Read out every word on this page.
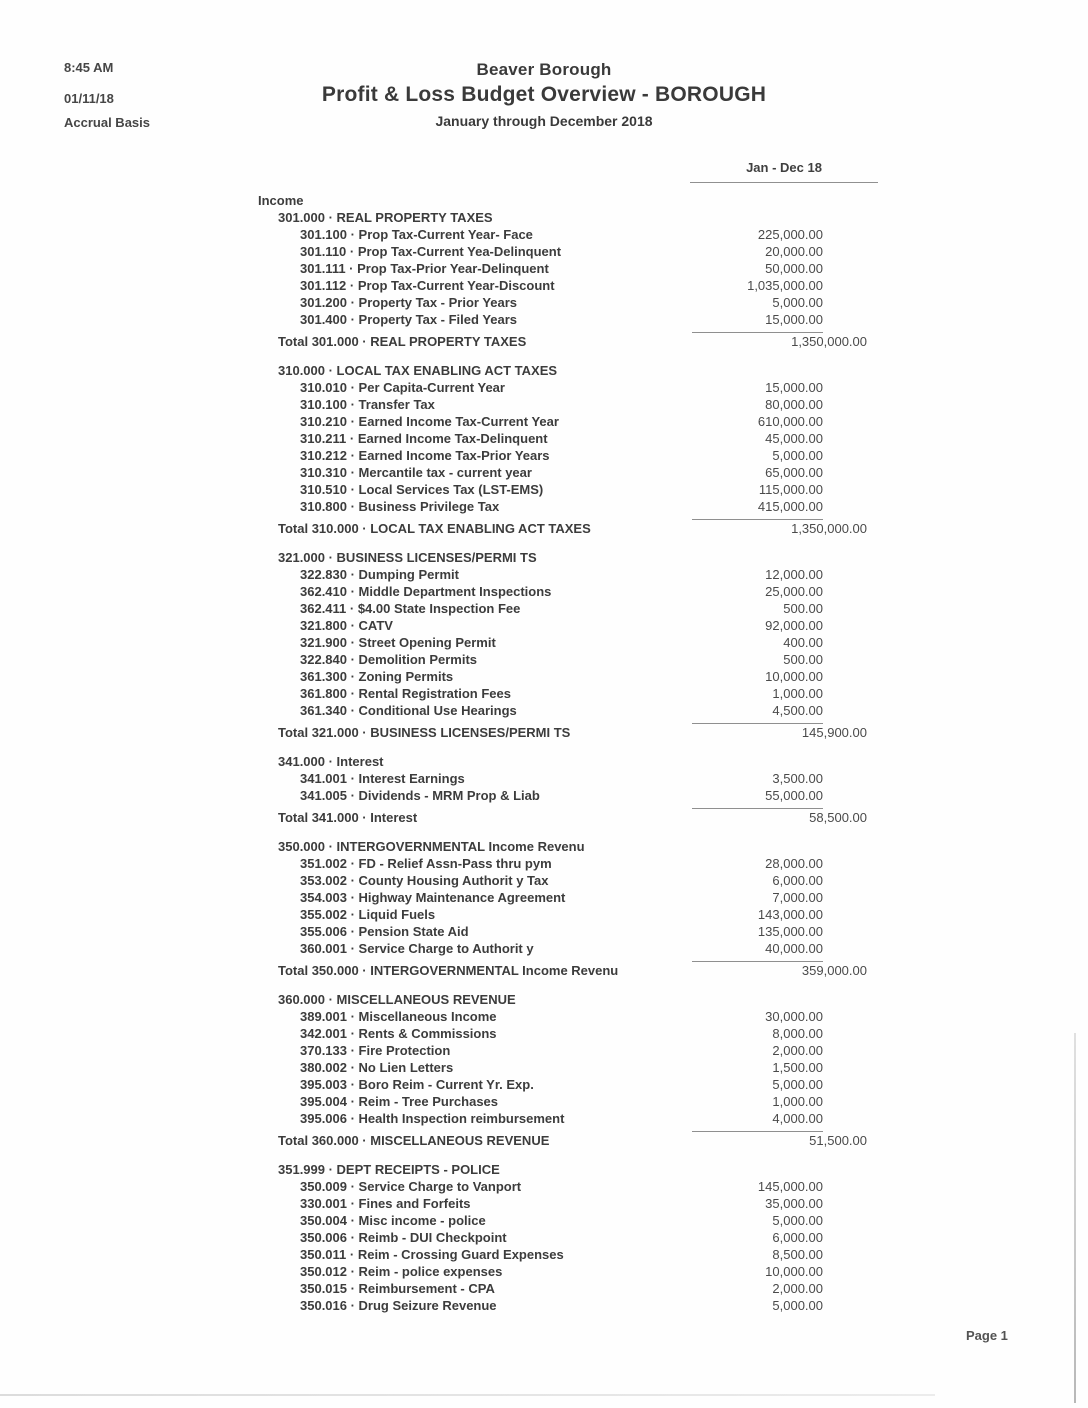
8:45 AM
01/11/18
Accrual Basis
Beaver Borough
Profit & Loss Budget Overview - BOROUGH
January through December 2018
Jan - Dec 18
Income
301.000 · REAL PROPERTY TAXES
301.100 · Prop Tax-Current Year- Face	225,000.00
301.110 · Prop Tax-Current Yea-Delinquent	20,000.00
301.111 · Prop Tax-Prior Year-Delinquent	50,000.00
301.112 · Prop Tax-Current Year-Discount	1,035,000.00
301.200 · Property Tax - Prior Years	5,000.00
301.400 · Property Tax - Filed Years	15,000.00
Total 301.000 · REAL PROPERTY TAXES	1,350,000.00
310.000 · LOCAL TAX ENABLING ACT TAXES
310.010 · Per Capita-Current Year	15,000.00
310.100 · Transfer Tax	80,000.00
310.210 · Earned Income Tax-Current Year	610,000.00
310.211 · Earned Income Tax-Delinquent	45,000.00
310.212 · Earned Income Tax-Prior Years	5,000.00
310.310 · Mercantile tax - current year	65,000.00
310.510 · Local Services Tax (LST-EMS)	115,000.00
310.800 · Business Privilege Tax	415,000.00
Total 310.000 · LOCAL TAX ENABLING ACT TAXES	1,350,000.00
321.000 · BUSINESS LICENSES/PERMI TS
322.830 · Dumping Permit	12,000.00
362.410 · Middle Department Inspections	25,000.00
362.411 · $4.00 State Inspection Fee	500.00
321.800 · CATV	92,000.00
321.900 · Street Opening Permit	400.00
322.840 · Demolition Permits	500.00
361.300 · Zoning Permits	10,000.00
361.800 · Rental Registration Fees	1,000.00
361.340 · Conditional Use Hearings	4,500.00
Total 321.000 · BUSINESS LICENSES/PERMI TS	145,900.00
341.000 · Interest
341.001 · Interest Earnings	3,500.00
341.005 · Dividends - MRM Prop & Liab	55,000.00
Total 341.000 · Interest	58,500.00
350.000 · INTERGOVERNMENTAL Income Revenu
351.002 · FD - Relief Assn-Pass thru pym	28,000.00
353.002 · County Housing Authorit y Tax	6,000.00
354.003 · Highway Maintenance Agreement	7,000.00
355.002 · Liquid Fuels	143,000.00
355.006 · Pension State Aid	135,000.00
360.001 · Service Charge to Authorit y	40,000.00
Total 350.000 · INTERGOVERNMENTAL Income Revenu	359,000.00
360.000 · MISCELLANEOUS REVENUE
389.001 · Miscellaneous Income	30,000.00
342.001 · Rents & Commissions	8,000.00
370.133 · Fire Protection	2,000.00
380.002 · No Lien Letters	1,500.00
395.003 · Boro Reim - Current Yr. Exp.	5,000.00
395.004 · Reim - Tree Purchases	1,000.00
395.006 · Health Inspection reimbursement	4,000.00
Total 360.000 · MISCELLANEOUS REVENUE	51,500.00
351.999 · DEPT RECEIPTS - POLICE
350.009 · Service Charge to Vanport	145,000.00
330.001 · Fines and Forfeits	35,000.00
350.004 · Misc income - police	5,000.00
350.006 · Reimb - DUI Checkpoint	6,000.00
350.011 · Reim - Crossing Guard Expenses	8,500.00
350.012 · Reim - police expenses	10,000.00
350.015 · Reimbursement - CPA	2,000.00
350.016 · Drug Seizure Revenue	5,000.00
Page 1
